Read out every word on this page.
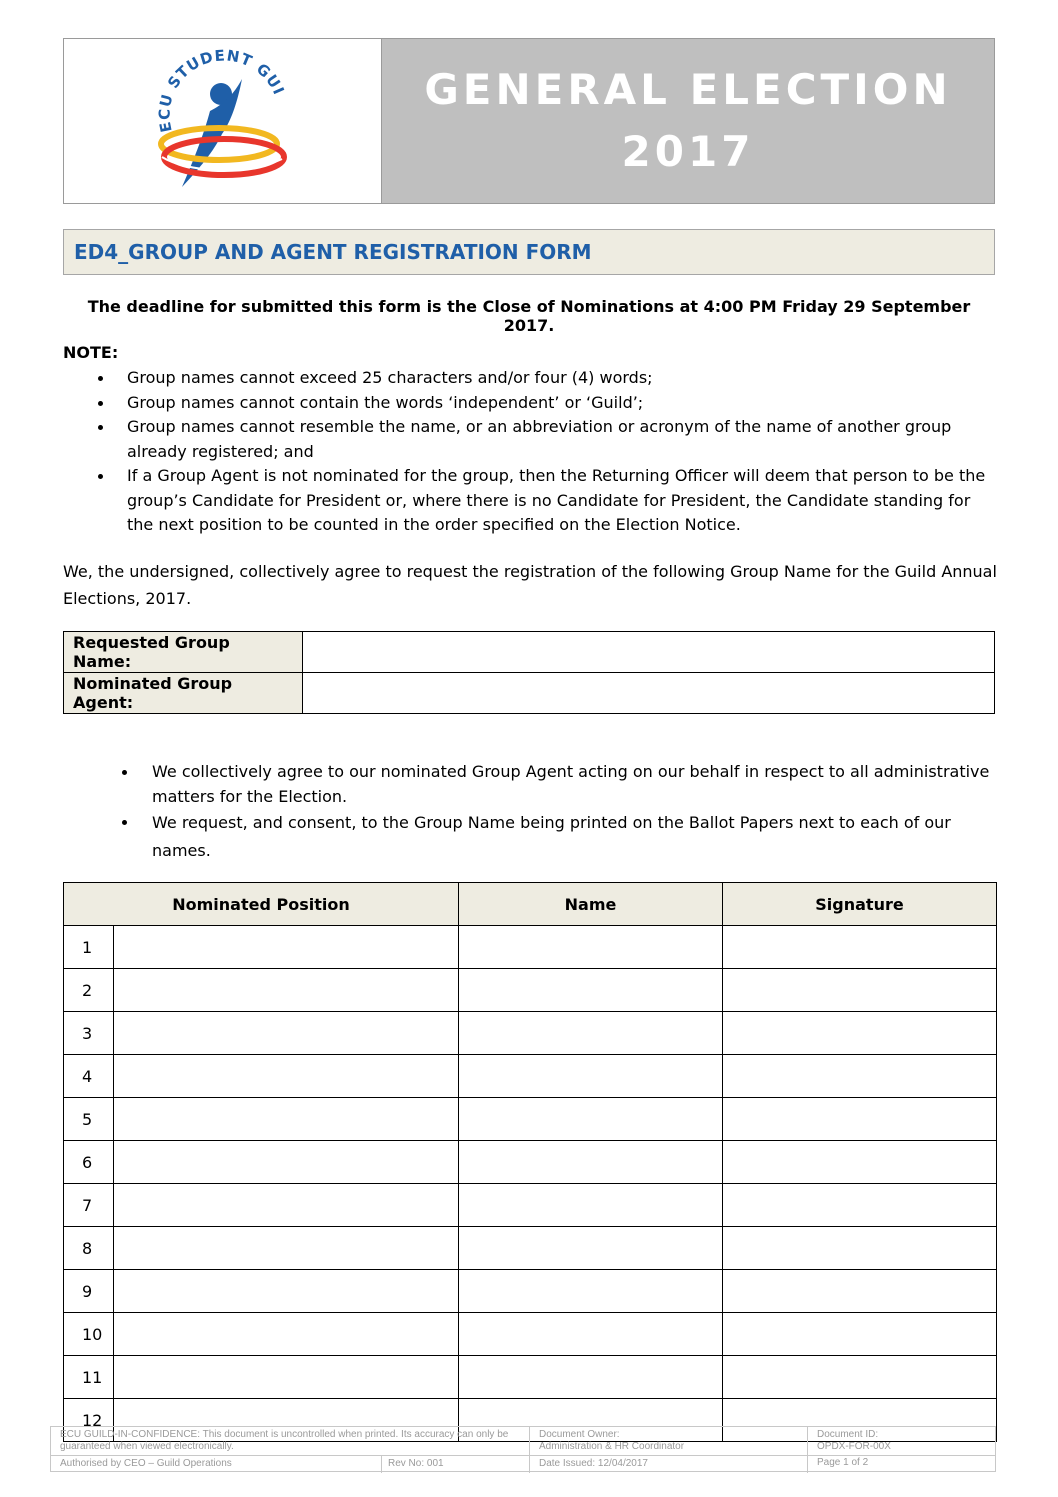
ECU STUDENT GUI	GENERAL ELECTION
2017
ED4_GROUP AND AGENT REGISTRATION FORM
The deadline for submitted this form is the Close of Nominations at 4:00 PM Friday 29 September 2017.
NOTE:
Group names cannot exceed 25 characters and/or four (4) words;
Group names cannot contain the words ‘independent’ or ‘Guild’;
Group names cannot resemble the name, or an abbreviation or acronym of the name of another group already registered; and
If a Group Agent is not nominated for the group, then the Returning Officer will deem that person to be the group’s Candidate for President or, where there is no Candidate for President, the Candidate standing for the next position to be counted in the order specified on the Election Notice.
We, the undersigned, collectively agree to request the registration of the following Group Name for the Guild Annual Elections, 2017.
Requested Group Name:	
Nominated Group Agent:	
We collectively agree to our nominated Group Agent acting on our behalf in respect to all administrative matters for the Election.
We request, and consent, to the Group Name being printed on the Ballot Papers next to each of our names.
Nominated Position		Name	Signature
1			
2			
3			
4			
5			
6			
7			
8			
9			
10			
11			
12			
ECU GUILD-IN-CONFIDENCE: This document is uncontrolled when printed. Its accuracy can only be guaranteed when viewed electronically.
Document Owner:
Administration & HR Coordinator
Document ID:
OPDX-FOR-00X
Authorised by CEO – Guild Operations	Rev No: 001	Date Issued: 12/04/2017	Page 1 of 2
